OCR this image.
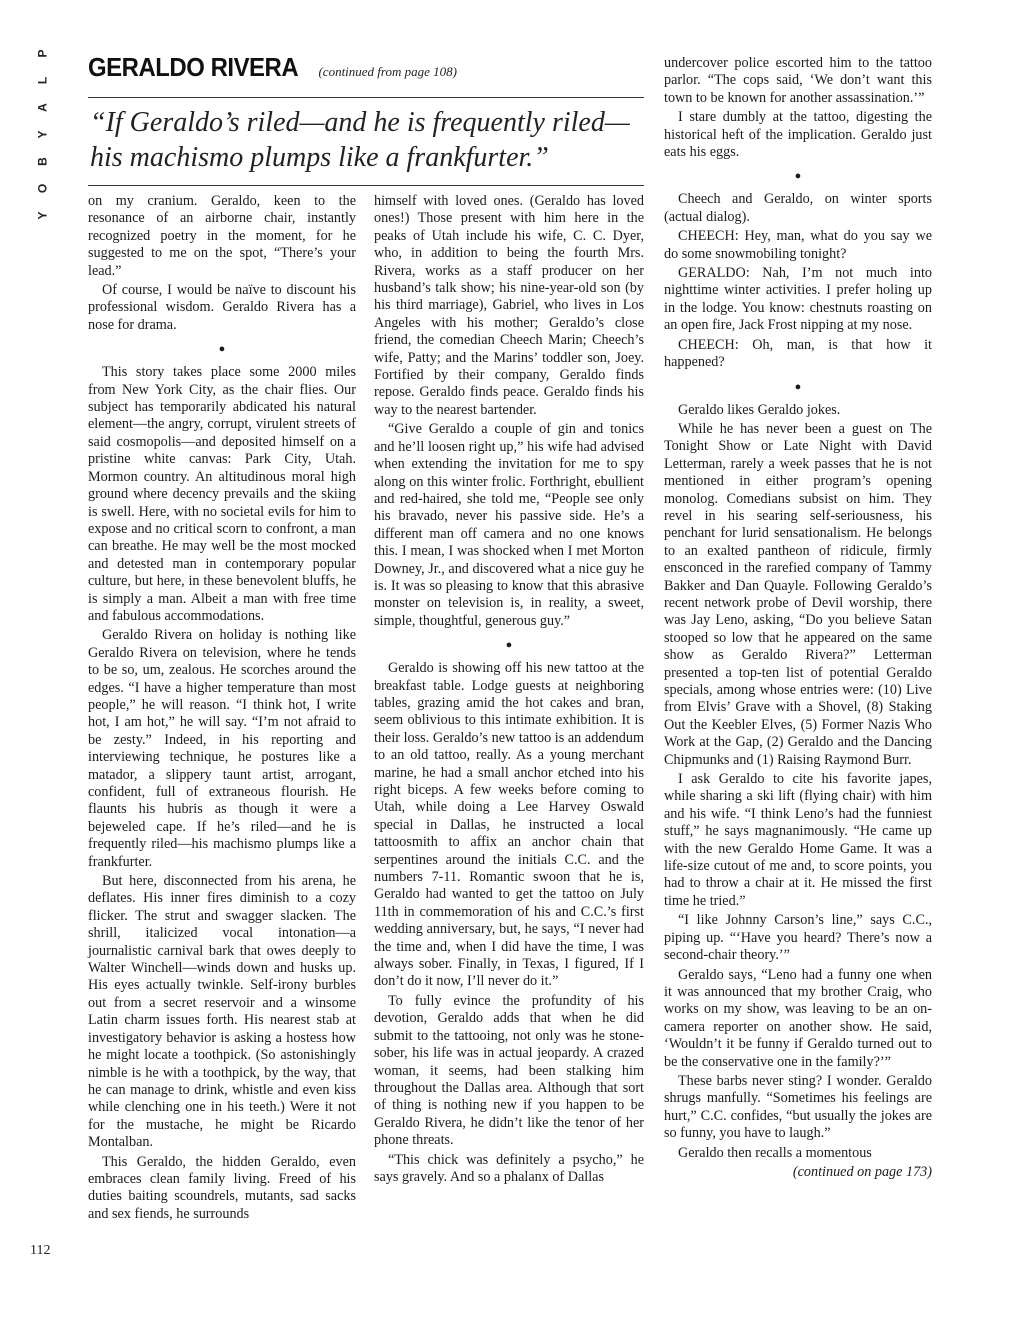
P
L
A
Y
B
O
Y
112
GERALDO RIVERA (continued from page 108)
“If Geraldo’s riled—and he is frequently riled—his machismo plumps like a frankfurter.”

on my cranium. Geraldo, keen to the resonance of an airborne chair, instantly recognized poetry in the moment, for he suggested to me on the spot, “There’s your lead.”

Of course, I would be naïve to discount his professional wisdom. Geraldo Rivera has a nose for drama.

●

This story takes place some 2000 miles from New York City, as the chair flies. Our subject has temporarily abdicated his natural element—the angry, corrupt, virulent streets of said cosmopolis—and deposited himself on a pristine white canvas: Park City, Utah. Mormon country. An altitudinous moral high ground where decency prevails and the skiing is swell. Here, with no societal evils for him to expose and no critical scorn to confront, a man can breathe. He may well be the most mocked and detested man in contemporary popular culture, but here, in these benevolent bluffs, he is simply a man. Albeit a man with free time and fabulous accommodations.

Geraldo Rivera on holiday is nothing like Geraldo Rivera on television, where he tends to be so, um, zealous. He scorches around the edges. “I have a higher temperature than most people,” he will reason. “I think hot, I write hot, I am hot,” he will say. “I’m not afraid to be zesty.” Indeed, in his reporting and interviewing technique, he postures like a matador, a slippery taunt artist, arrogant, confident, full of extraneous flourish. He flaunts his hubris as though it were a bejeweled cape. If he’s riled—and he is frequently riled—his machismo plumps like a frankfurter.

But here, disconnected from his arena, he deflates. His inner fires diminish to a cozy flicker. The strut and swagger slacken. The shrill, italicized vocal intonation—a journalistic carnival bark that owes deeply to Walter Winchell—winds down and husks up. His eyes actually twinkle. Self-irony burbles out from a secret reservoir and a winsome Latin charm issues forth. His nearest stab at investigatory behavior is asking a hostess how he might locate a toothpick. (So astonishingly nimble is he with a toothpick, by the way, that he can manage to drink, whistle and even kiss while clenching one in his teeth.) Were it not for the mustache, he might be Ricardo Montalban.

This Geraldo, the hidden Geraldo, even embraces clean family living. Freed of his duties baiting scoundrels, mutants, sad sacks and sex fiends, he surrounds

himself with loved ones. (Geraldo has loved ones!) Those present with him here in the peaks of Utah include his wife, C. C. Dyer, who, in addition to being the fourth Mrs. Rivera, works as a staff producer on her husband’s talk show; his nine-year-old son (by his third marriage), Gabriel, who lives in Los Angeles with his mother; Geraldo’s close friend, the comedian Cheech Marin; Cheech’s wife, Patty; and the Marins’ toddler son, Joey. Fortified by their company, Geraldo finds repose. Geraldo finds peace. Geraldo finds his way to the nearest bartender.

“Give Geraldo a couple of gin and tonics and he’ll loosen right up,” his wife had advised when extending the invitation for me to spy along on this winter frolic. Forthright, ebullient and red-haired, she told me, “People see only his bravado, never his passive side. He’s a different man off camera and no one knows this. I mean, I was shocked when I met Morton Downey, Jr., and discovered what a nice guy he is. It was so pleasing to know that this abrasive monster on television is, in reality, a sweet, simple, thoughtful, generous guy.”

●

Geraldo is showing off his new tattoo at the breakfast table. Lodge guests at neighboring tables, grazing amid the hot cakes and bran, seem oblivious to this intimate exhibition. It is their loss. Geraldo’s new tattoo is an addendum to an old tattoo, really. As a young merchant marine, he had a small anchor etched into his right biceps. A few weeks before coming to Utah, while doing a Lee Harvey Oswald special in Dallas, he instructed a local tattoosmith to affix an anchor chain that serpentines around the initials C.C. and the numbers 7-11. Romantic swoon that he is, Geraldo had wanted to get the tattoo on July 11th in commemoration of his and C.C.’s first wedding anniversary, but, he says, “I never had the time and, when I did have the time, I was always sober. Finally, in Texas, I figured, If I don’t do it now, I’ll never do it.”

To fully evince the profundity of his devotion, Geraldo adds that when he did submit to the tattooing, not only was he stone-sober, his life was in actual jeopardy. A crazed woman, it seems, had been stalking him throughout the Dallas area. Although that sort of thing is nothing new if you happen to be Geraldo Rivera, he didn’t like the tenor of her phone threats.

“This chick was definitely a psycho,” he says gravely. And so a phalanx of Dallas

undercover police escorted him to the tattoo parlor. “The cops said, ‘We don’t want this town to be known for another assassination.’”

I stare dumbly at the tattoo, digesting the historical heft of the implication. Geraldo just eats his eggs.

●

Cheech and Geraldo, on winter sports (actual dialog).

CHEECH: Hey, man, what do you say we do some snowmobiling tonight?

GERALDO: Nah, I’m not much into nighttime winter activities. I prefer holing up in the lodge. You know: chestnuts roasting on an open fire, Jack Frost nipping at my nose.

CHEECH: Oh, man, is that how it happened?

●

Geraldo likes Geraldo jokes.

While he has never been a guest on The Tonight Show or Late Night with David Letterman, rarely a week passes that he is not mentioned in either program’s opening monolog. Comedians subsist on him. They revel in his searing self-seriousness, his penchant for lurid sensationalism. He belongs to an exalted pantheon of ridicule, firmly ensconced in the rarefied company of Tammy Bakker and Dan Quayle. Following Geraldo’s recent network probe of Devil worship, there was Jay Leno, asking, “Do you believe Satan stooped so low that he appeared on the same show as Geraldo Rivera?” Letterman presented a top-ten list of potential Geraldo specials, among whose entries were: (10) Live from Elvis’ Grave with a Shovel, (8) Staking Out the Keebler Elves, (5) Former Nazis Who Work at the Gap, (2) Geraldo and the Dancing Chipmunks and (1) Raising Raymond Burr.

I ask Geraldo to cite his favorite japes, while sharing a ski lift (flying chair) with him and his wife. “I think Leno’s had the funniest stuff,” he says magnanimously. “He came up with the new Geraldo Home Game. It was a life-size cutout of me and, to score points, you had to throw a chair at it. He missed the first time he tried.”

“I like Johnny Carson’s line,” says C.C., piping up. “‘Have you heard? There’s now a second-chair theory.’”

Geraldo says, “Leno had a funny one when it was announced that my brother Craig, who works on my show, was leaving to be an on-camera reporter on another show. He said, ‘Wouldn’t it be funny if Geraldo turned out to be the conservative one in the family?’”

These barbs never sting? I wonder. Geraldo shrugs manfully. “Sometimes his feelings are hurt,” C.C. confides, “but usually the jokes are so funny, you have to laugh.”

Geraldo then recalls a momentous

(continued on page 173)
